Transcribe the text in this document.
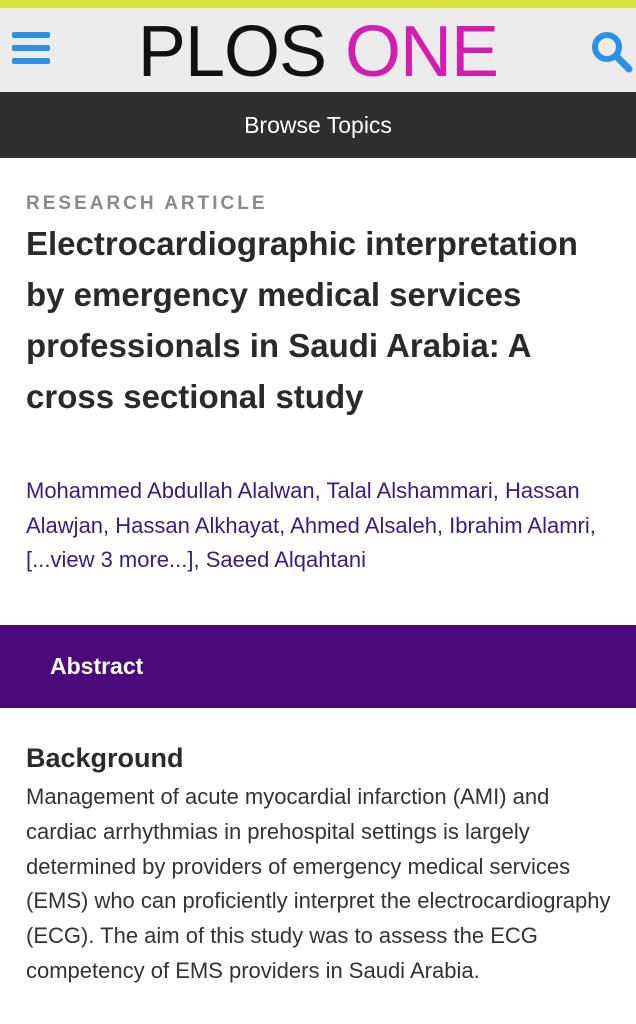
PLOS ONE
Browse Topics
RESEARCH ARTICLE
Electrocardiographic interpretation by emergency medical services professionals in Saudi Arabia: A cross sectional study
Mohammed Abdullah Alalwan, Talal Alshammari, Hassan Alawjan, Hassan Alkhayat, Ahmed Alsaleh, Ibrahim Alamri, [...view 3 more...], Saeed Alqahtani
Abstract
Background

Management of acute myocardial infarction (AMI) and cardiac arrhythmias in prehospital settings is largely determined by providers of emergency medical services (EMS) who can proficiently interpret the electrocardiography (ECG). The aim of this study was to assess the ECG competency of EMS providers in Saudi Arabia.
